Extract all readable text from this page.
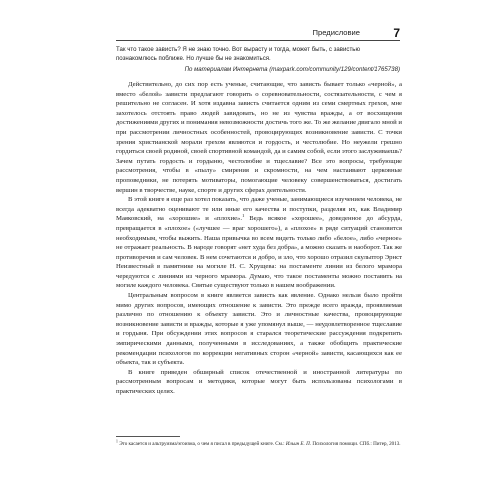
Предисловие	7

Так что такое зависть? Я не знаю точно. Вот вырасту и тогда, может быть, с завистью познакомлюсь поближе. Но лучше бы не знакомиться.

По материалам Интернета (maxpark.com/community/129/content/1765738)

Действительно, до сих пор есть ученые, считающие, что зависть бывает только «черной», а вместо «белой» зависти предлагают говорить о соревновательности, состязательности, с чем я решительно не согласен. И хотя издавна зависть считается одним из семи смертных грехов, мне захотелось отстоять право людей завидовать, но не из чувства вражды, а от восхищения достижениями других и понимания невозможности достичь того же. То же желание двигало мной и при рассмотрении личностных особенностей, провоцирующих возникновение зависти. С точки зрения христианской морали грехом являются и гордость, и честолюбие. Но неужели грешно гордиться своей родиной, своей спортивной командой, да и самим собой, если этого заслуживаешь? Зачем путать гордость и гордыню, честолюбие и тщеславие? Все это вопросы, требующие рассмотрения, чтобы в «пылу» смирения и скромности, на чем настаивают церковные проповедники, не потерять мотиваторы, помогающие человеку совершенствоваться, достигать вершин в творчестве, науке, спорте и других сферах деятельности.

В этой книге я еще раз хотел показать, что даже ученые, занимающиеся изучением человека, не всегда адекватно оценивают те или иные его качества и поступки, разделяя их, как Владимир Маяковский, на «хорошие» и «плохие».$^1$ Ведь всякое «хорошее», доведенное до абсурда, превращается в «плохое» («лучшее — враг хорошего»), а «плохое» в ряде ситуаций становится необходимым, чтобы выжить. Наша привычка во всем видеть только либо «белое», либо «черное» не отражает реальность. В народе говорят «нет худа без добра», а можно сказать и наоборот. Так же противоречив и сам человек. В нем сочетаются и добро, и зло, что хорошо отразил скульптор Эрнст Неизвестный в памятнике на могиле Н. С. Хрущева: на постаменте линии из белого мрамора чередуются с линиями из черного мрамора. Думаю, что такое постаменты можно поставить на могиле каждого человека. Святые существуют только в нашем воображении.

Центральным вопросом в книге является зависть как явление. Однако нельзя было пройти мимо других вопросов, имеющих отношение к зависти. Это прежде всего вражда, проявляемая различно по отношению к объекту зависти. Это и личностные качества, провоцирующие возникновение зависти и вражды, которые я уже упомянул выше, — неудовлетворенное тщеславие и гордыня. При обсуждении этих вопросов я старался теоретические рассуждения подкрепить эмпирическими данными, полученными в исследованиях, а также обобщить практические рекомендации психологов по коррекции негативных сторон «черной» зависти, касающихся как ее объекта, так и субъекта.

В книге приведен обширный список отечественной и иностранной литературы по рассмотренным вопросам и методики, которые могут быть использованы психологами в практических целях.

$^1$ Это касается и альтруизма/эгоизма, о чем я писал в предыдущей книге. См.: Ильин Е. П. Психология помощи. СПб.: Питер, 2013.
